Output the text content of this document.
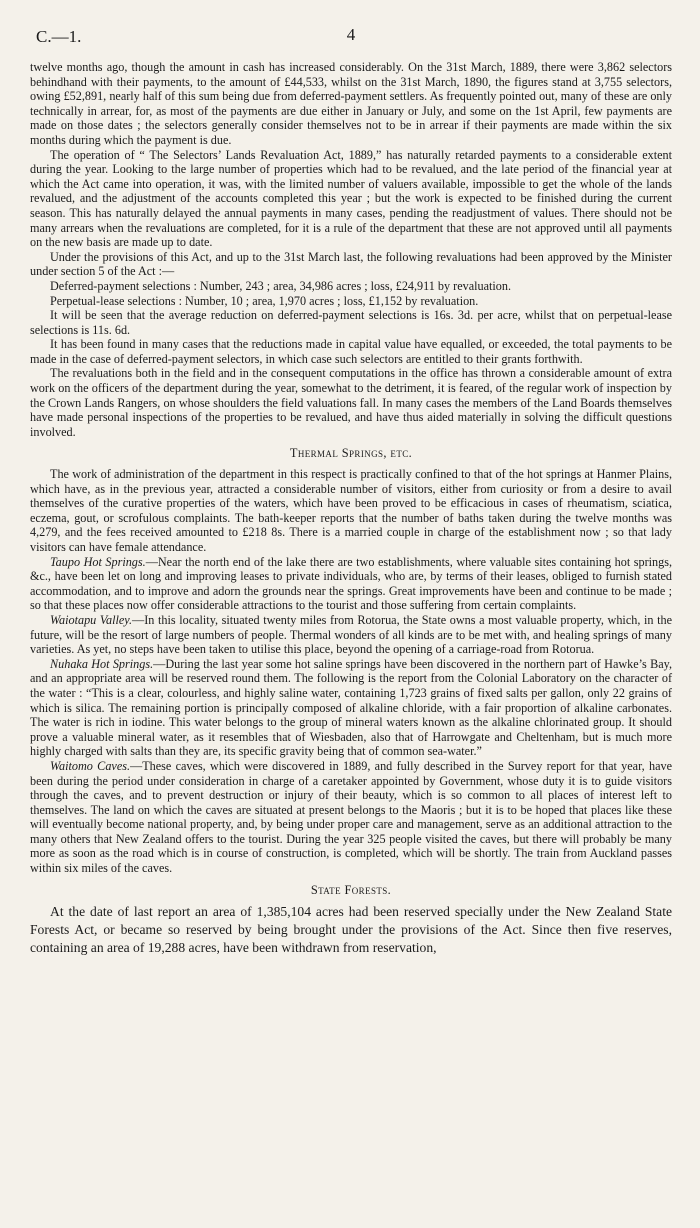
C.—1.	4

twelve months ago, though the amount in cash has increased considerably. On the 31st March, 1889, there were 3,862 selectors behindhand with their payments, to the amount of £44,533, whilst on the 31st March, 1890, the figures stand at 3,755 selectors, owing £52,891, nearly half of this sum being due from deferred-payment settlers. As frequently pointed out, many of these are only technically in arrear, for, as most of the payments are due either in January or July, and some on the 1st April, few payments are made on those dates ; the selectors generally consider themselves not to be in arrear if their payments are made within the six months during which the payment is due.

The operation of “ The Selectors’ Lands Revaluation Act, 1889,” has naturally retarded payments to a considerable extent during the year. Looking to the large number of properties which had to be revalued, and the late period of the financial year at which the Act came into operation, it was, with the limited number of valuers available, impossible to get the whole of the lands revalued, and the adjustment of the accounts completed this year ; but the work is expected to be finished during the current season. This has naturally delayed the annual payments in many cases, pending the readjustment of values. There should not be many arrears when the revaluations are completed, for it is a rule of the department that these are not approved until all payments on the new basis are made up to date.

Under the provisions of this Act, and up to the 31st March last, the following revaluations had been approved by the Minister under section 5 of the Act :—

Deferred-payment selections : Number, 243 ; area, 34,986 acres ; loss, £24,911 by revaluation.

Perpetual-lease selections : Number, 10 ; area, 1,970 acres ; loss, £1,152 by revaluation.

It will be seen that the average reduction on deferred-payment selections is 16s. 3d. per acre, whilst that on perpetual-lease selections is 11s. 6d.

It has been found in many cases that the reductions made in capital value have equalled, or exceeded, the total payments to be made in the case of deferred-payment selectors, in which case such selectors are entitled to their grants forthwith.

The revaluations both in the field and in the consequent computations in the office has thrown a considerable amount of extra work on the officers of the department during the year, somewhat to the detriment, it is feared, of the regular work of inspection by the Crown Lands Rangers, on whose shoulders the field valuations fall. In many cases the members of the Land Boards themselves have made personal inspections of the properties to be revalued, and have thus aided materially in solving the difficult questions involved.

Thermal Springs, etc.

The work of administration of the department in this respect is practically confined to that of the hot springs at Hanmer Plains, which have, as in the previous year, attracted a considerable number of visitors, either from curiosity or from a desire to avail themselves of the curative properties of the waters, which have been proved to be efficacious in cases of rheumatism, sciatica, eczema, gout, or scrofulous complaints. The bath-keeper reports that the number of baths taken during the twelve months was 4,279, and the fees received amounted to £218 8s. There is a married couple in charge of the establishment now ; so that lady visitors can have female attendance.

Taupo Hot Springs.—Near the north end of the lake there are two establishments, where valuable sites containing hot springs, &c., have been let on long and improving leases to private individuals, who are, by terms of their leases, obliged to furnish stated accommodation, and to improve and adorn the grounds near the springs. Great improvements have been and continue to be made ; so that these places now offer considerable attractions to the tourist and those suffering from certain complaints.

Waiotapu Valley.—In this locality, situated twenty miles from Rotorua, the State owns a most valuable property, which, in the future, will be the resort of large numbers of people. Thermal wonders of all kinds are to be met with, and healing springs of many varieties. As yet, no steps have been taken to utilise this place, beyond the opening of a carriage-road from Rotorua.

Nuhaka Hot Springs.—During the last year some hot saline springs have been discovered in the northern part of Hawke’s Bay, and an appropriate area will be reserved round them. The following is the report from the Colonial Laboratory on the character of the water : “This is a clear, colourless, and highly saline water, containing 1,723 grains of fixed salts per gallon, only 22 grains of which is silica. The remaining portion is principally composed of alkaline chloride, with a fair proportion of alkaline carbonates. The water is rich in iodine. This water belongs to the group of mineral waters known as the alkaline chlorinated group. It should prove a valuable mineral water, as it resembles that of Wiesbaden, also that of Harrowgate and Cheltenham, but is much more highly charged with salts than they are, its specific gravity being that of common sea-water.”

Waitomo Caves.—These caves, which were discovered in 1889, and fully described in the Survey report for that year, have been during the period under consideration in charge of a caretaker appointed by Government, whose duty it is to guide visitors through the caves, and to prevent destruction or injury of their beauty, which is so common to all places of interest left to themselves. The land on which the caves are situated at present belongs to the Maoris ; but it is to be hoped that places like these will eventually become national property, and, by being under proper care and management, serve as an additional attraction to the many others that New Zealand offers to the tourist. During the year 325 people visited the caves, but there will probably be many more as soon as the road which is in course of construction, is completed, which will be shortly. The train from Auckland passes within six miles of the caves.

State Forests.

At the date of last report an area of 1,385,104 acres had been reserved specially under the New Zealand State Forests Act, or became so reserved by being brought under the provisions of the Act. Since then five reserves, containing an area of 19,288 acres, have been withdrawn from reservation,
